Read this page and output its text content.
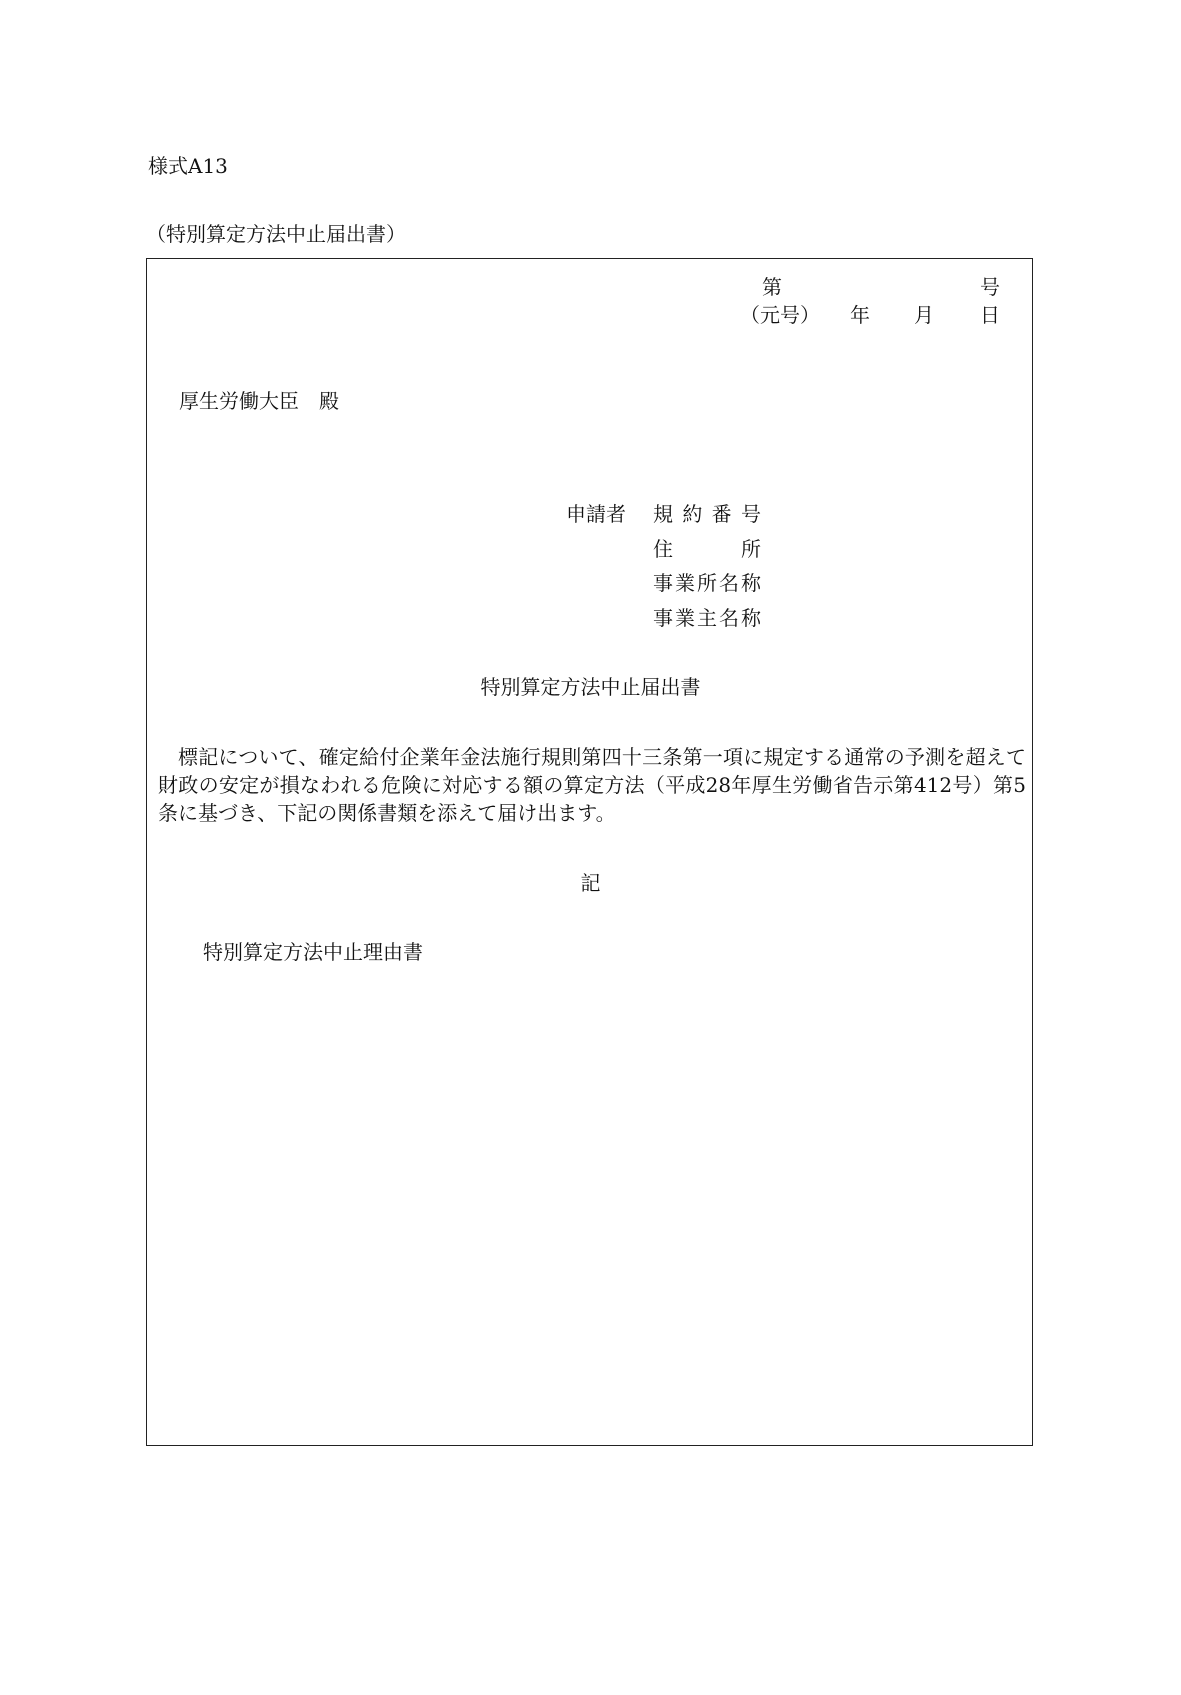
様式A13
（特別算定方法中止届出書）
第	号
（元号） 年 月 日
厚生労働大臣　殿
申請者 規約番号
住所
事業所名称
事業主名称
特別算定方法中止届出書
標記について、確定給付企業年金法施行規則第四十三条第一項に規定する通常の予測を超えて財政の安定が損なわれる危険に対応する額の算定方法（平成28年厚生労働省告示第412号）第5条に基づき、下記の関係書類を添えて届け出ます。
記
特別算定方法中止理由書
